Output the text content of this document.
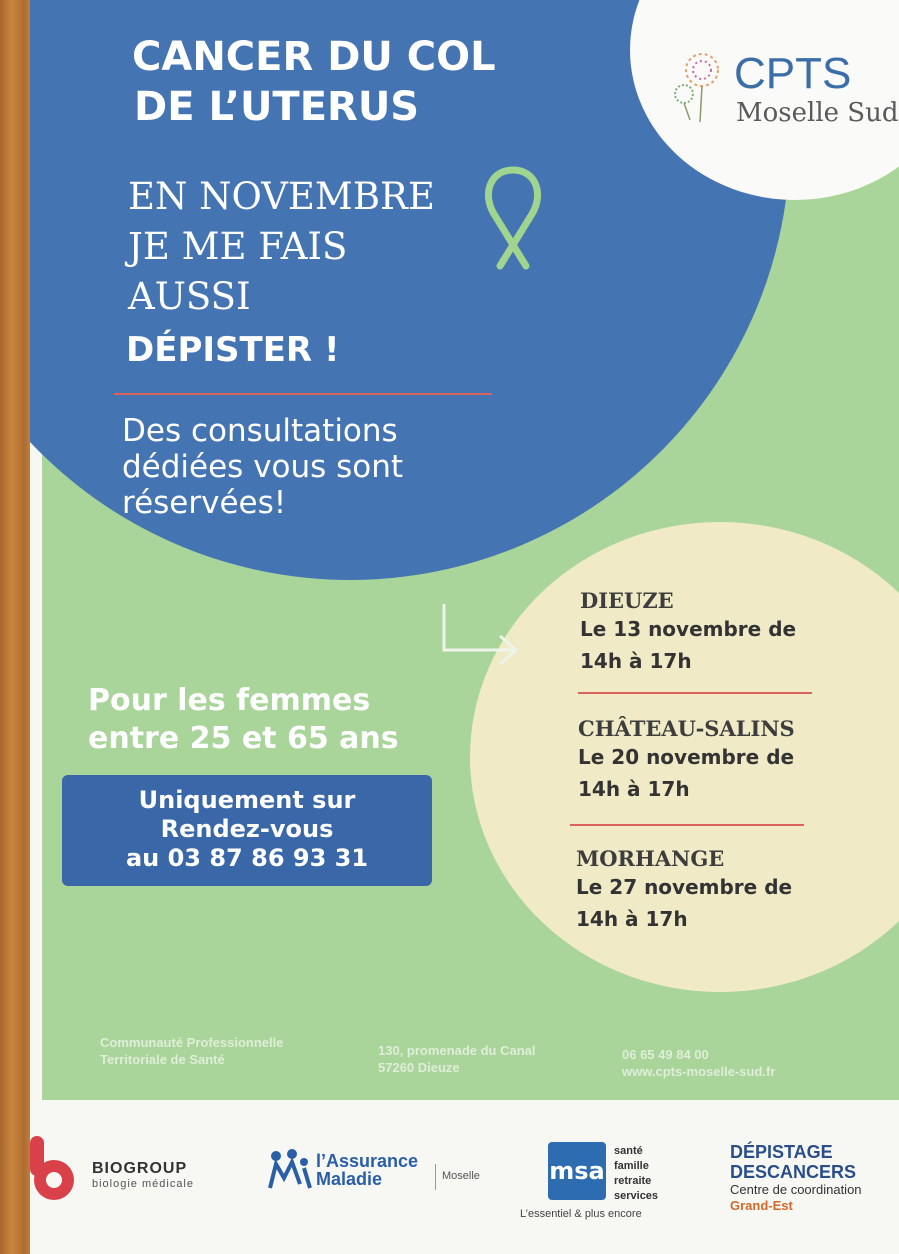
CANCER DU COL
DE L’UTERUS
EN NOVEMBRE
JE ME FAIS
AUSSI
DÉPISTER !
Des consultations
dédiées vous sont
réservées!
CPTS
Moselle Sud
Pour les femmes
entre 25 et 65 ans
Uniquement sur
Rendez-vous
au 03 87 86 93 31
DIEUZE
Le 13 novembre de
14h à 17h
CHÂTEAU-SALINS
Le 20 novembre de
14h à 17h
MORHANGE
Le 27 novembre de
14h à 17h
Communauté Professionnelle
Territoriale de Santé
130, promenade du Canal
57260 Dieuze
06 65 49 84 00
www.cpts-moselle-sud.fr
BIOGROUP
biologie médicale
l’Assurance
Maladie	Moselle	msa
santé
famille
retraite
services
L’essentiel & plus encore
DÉPISTAGE
DESCANCERS
Centre de coordination
Grand-Est
